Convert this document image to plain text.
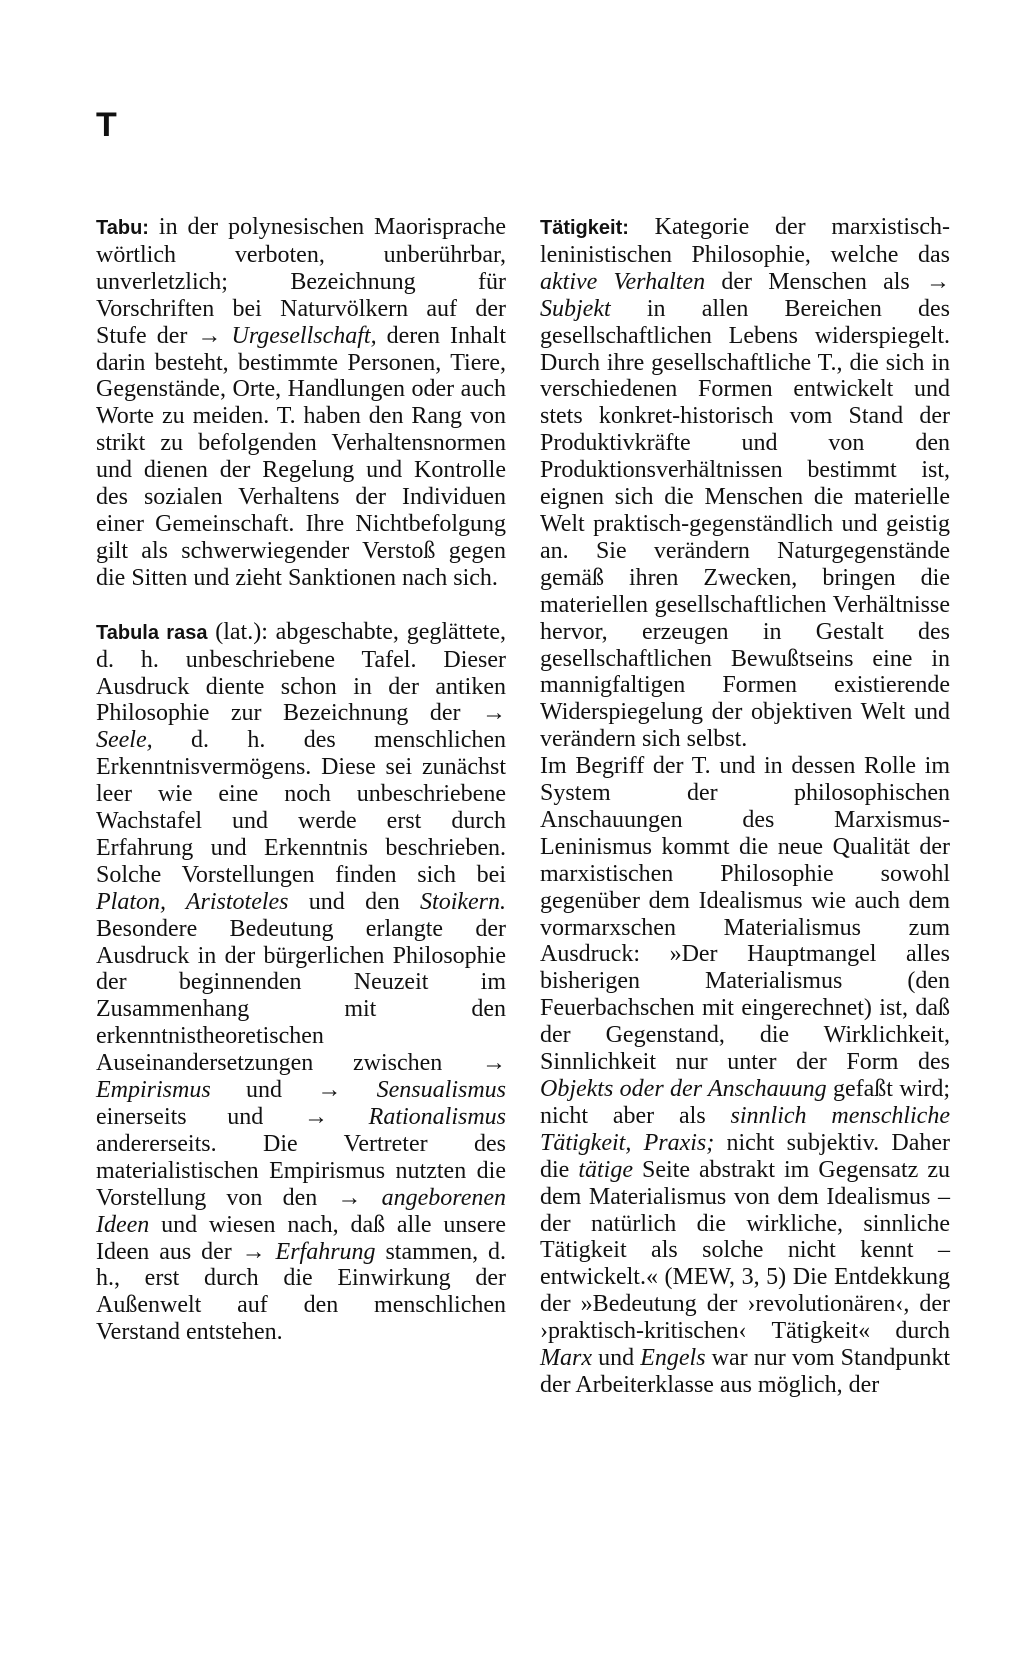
T

Tabu: in der polynesischen Maorisprache wörtlich verboten, unberührbar, unverletzlich; Bezeichnung für Vorschriften bei Naturvölkern auf der Stufe der → Urgesellschaft, deren Inhalt darin besteht, bestimmte Personen, Tiere, Gegenstände, Orte, Handlungen oder auch Worte zu meiden. T. haben den Rang von strikt zu befolgenden Verhaltensnormen und dienen der Regelung und Kontrolle des sozialen Verhaltens der Individuen einer Gemeinschaft. Ihre Nichtbefolgung gilt als schwerwiegender Verstoß gegen die Sitten und zieht Sanktionen nach sich.

Tabula rasa (lat.): abgeschabte, geglättete, d. h. unbeschriebene Tafel. Dieser Ausdruck diente schon in der antiken Philosophie zur Bezeichnung der → Seele, d. h. des menschlichen Erkenntnisvermögens. Diese sei zunächst leer wie eine noch unbeschriebene Wachstafel und werde erst durch Erfahrung und Erkenntnis beschrieben. Solche Vorstellungen finden sich bei Platon, Aristoteles und den Stoikern. Besondere Bedeutung erlangte der Ausdruck in der bürgerlichen Philosophie der beginnenden Neuzeit im Zusammenhang mit den erkenntnistheoretischen Auseinandersetzungen zwischen → Empirismus und → Sensualismus einerseits und → Rationalismus andererseits. Die Vertreter des materialistischen Empirismus nutzten die Vorstellung von den → angeborenen Ideen und wiesen nach, daß alle unsere Ideen aus der → Erfahrung stammen, d. h., erst durch die Einwirkung der Außenwelt auf den menschlichen Verstand entstehen.

Tätigkeit: Kategorie der marxistisch-leninistischen Philosophie, welche das aktive Verhalten der Menschen als → Subjekt in allen Bereichen des gesellschaftlichen Lebens widerspiegelt. Durch ihre gesellschaftliche T., die sich in verschiedenen Formen entwickelt und stets konkret-historisch vom Stand der Produktivkräfte und von den Produktionsverhältnissen bestimmt ist, eignen sich die Menschen die materielle Welt praktisch-gegenständlich und geistig an. Sie verändern Naturgegenstände gemäß ihren Zwecken, bringen die materiellen gesellschaftlichen Verhältnisse hervor, erzeugen in Gestalt des gesellschaftlichen Bewußtseins eine in mannigfaltigen Formen existierende Widerspiegelung der objektiven Welt und verändern sich selbst.

Im Begriff der T. und in dessen Rolle im System der philosophischen Anschauungen des Marxismus-Leninismus kommt die neue Qualität der marxistischen Philosophie sowohl gegenüber dem Idealismus wie auch dem vormarxschen Materialismus zum Ausdruck: »Der Hauptmangel alles bisherigen Materialismus (den Feuerbachschen mit eingerechnet) ist, daß der Gegenstand, die Wirklichkeit, Sinnlichkeit nur unter der Form des Objekts oder der Anschauung gefaßt wird; nicht aber als sinnlich menschliche Tätigkeit, Praxis; nicht subjektiv. Daher die tätige Seite abstrakt im Gegensatz zu dem Materialismus von dem Idealismus – der natürlich die wirkliche, sinnliche Tätigkeit als solche nicht kennt – entwickelt.« (MEW, 3, 5) Die Entdekkung der »Bedeutung der ›revolutionären‹, der ›praktisch-kritischen‹ Tätigkeit« durch Marx und Engels war nur vom Standpunkt der Arbeiterklasse aus möglich, der
